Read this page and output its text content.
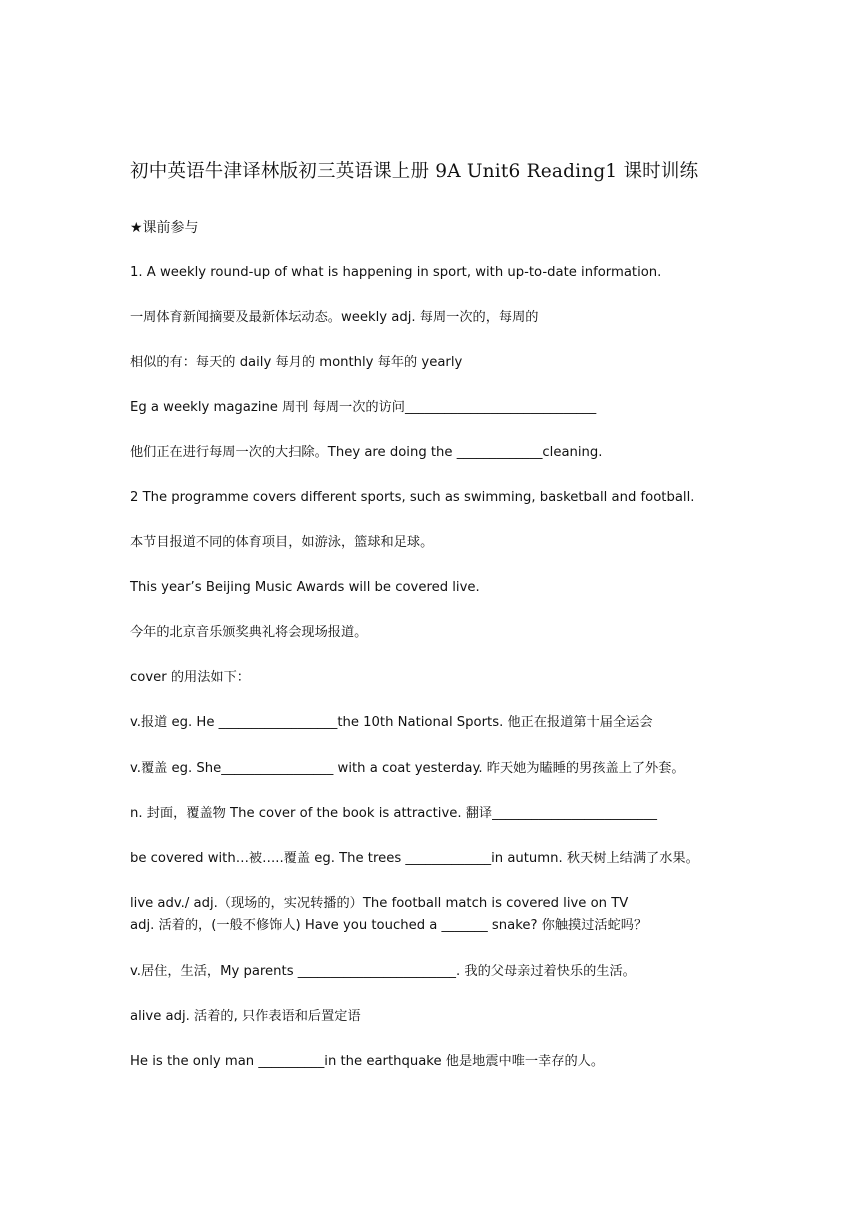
初中英语牛津译林版初三英语课上册 9A Unit6 Reading1 课时训练
★课前参与
1. A weekly round-up of what is happening in sport, with up-to-date information.
一周体育新闻摘要及最新体坛动态。weekly adj. 每周一次的，每周的
相似的有：每天的 daily 每月的 monthly 每年的 yearly
Eg a weekly magazine 周刊 每周一次的访问_____________________________
他们正在进行每周一次的大扫除。They are doing the _____________cleaning.
2 The programme covers different sports, such as swimming, basketball and football.
本节目报道不同的体育项目，如游泳，篮球和足球。
This year’s Beijing Music Awards will be covered live.
今年的北京音乐颁奖典礼将会现场报道。
cover 的用法如下：
v.报道 eg. He __________________the 10th National Sports. 他正在报道第十届全运会
v.覆盖 eg. She_________________ with a coat yesterday. 昨天她为瞌睡的男孩盖上了外套。
n. 封面，覆盖物 The cover of the book is attractive. 翻译_________________________
be covered with…被…..覆盖 eg. The trees _____________in autumn. 秋天树上结满了水果。
live adv./ adj.（现场的，实况转播的）The football match is covered live on TV
adj. 活着的，(一般不修饰人) Have you touched a _______ snake? 你触摸过活蛇吗？
v.居住，生活，My parents ________________________. 我的父母亲过着快乐的生活。
alive adj. 活着的, 只作表语和后置定语
He is the only man __________in the earthquake 他是地震中唯一幸存的人。
